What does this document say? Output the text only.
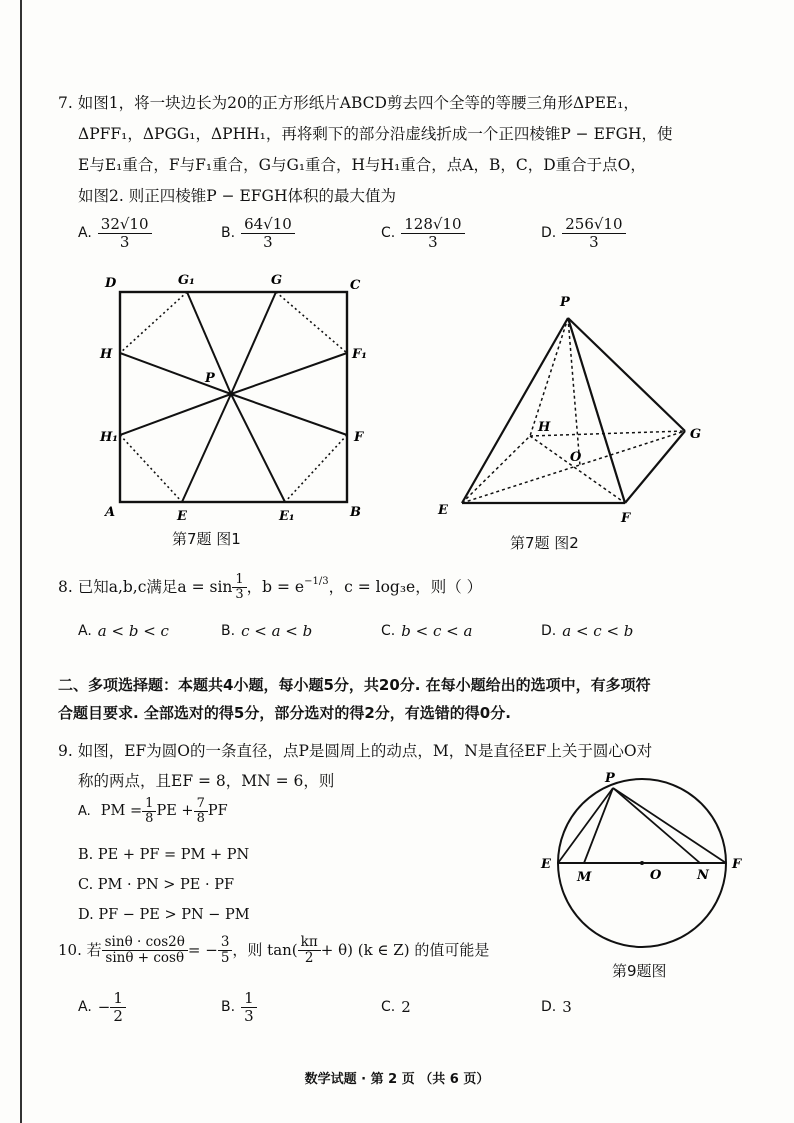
7. 如图1，将一块边长为20的正方形纸片ABCD剪去四个全等的等腰三角形ΔPEE₁，
ΔPFF₁，ΔPGG₁，ΔPHH₁，再将剩下的部分沿虚线折成一个正四棱锥P − EFGH，使
E与E₁重合，F与F₁重合，G与G₁重合，H与H₁重合，点A，B，C，D重合于点O，
如图2. 则正四棱锥P − EFGH体积的最大值为
A. $\frac{32√10}{3}$	B. $\frac{64√10}{3}$	C. $\frac{128√10}{3}$	D. $\frac{256√10}{3}$
D	G₁	G	C
H	F₁
P
H₁	F
A	E	E₁	B
第7题 图1
P
H	G
O
E
F
第7题 图2
8. 已知a,b,c满足$a = \sin \frac{1}{3}$ ，$b = e^{-1/3}$ ，c = log₃e，则（ ）
A. a < b < c	B. c < a < b	C. b < c < a	D. a < c < b
二、多项选择题：本题共4小题，每小题5分，共20分. 在每小题给出的选项中，有多项符
合题目要求. 全部选对的得5分，部分选对的得2分，有选错的得0分.
9. 如图，EF为圆O的一条直径，点P是圆周上的动点，M，N是直径EF上关于圆心O对
称的两点，且EF = 8，MN = 6，则
A. PM = $\frac{1}{8}$ PE + $\frac{7}{8}$ PF
B. PE + PF = PM + PN
C. PM · PN > PE · PF
D. PF − PE > PN − PM
P
E
M	O	N
F
第9题图
10. 若 $\frac{\sin\theta \cdot \cos 2\theta}{\sin\theta + \cos\theta}$ = − $\frac{3}{5}$ ，则 $\tan( \frac{k\pi}{2} + \theta)$ (k ∈ Z) 的值可能是
A. − $\frac{1}{2}$	B. $\frac{1}{3}$	C. 2	D. 3
数学试题 · 第 2 页 （共 6 页）
